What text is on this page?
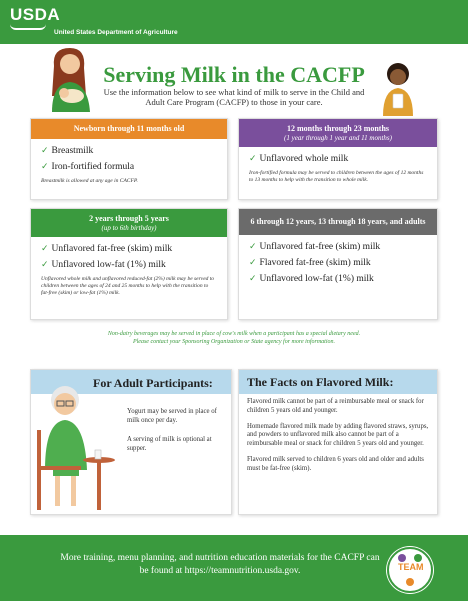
USDA
United States Department of Agriculture
Serving Milk in the CACFP
Use the information below to see what kind of milk to serve in the Child and Adult Care Program (CACFP) to those in your care.
Newborn through 11 months old
✓ Breastmilk
✓ Iron-fortified formula
Breastmilk is allowed at any age in CACFP.
12 months through 23 months
(1 year through 1 year and 11 months)
✓ Unflavored whole milk
Iron-fortified formula may be served to children between the ages of 12 months to 13 months to help with the transition to whole milk.
2 years through 5 years
(up to 6th birthday)
✓ Unflavored fat-free (skim) milk
✓ Unflavored low-fat (1%) milk
Unflavored whole milk and unflavored reduced-fat (2%) milk may be served to children between the ages of 24 and 25 months to help with the transition to fat-free (skim) or low-fat (1%) milk.
6 through 12 years, 13 through 18 years, and adults
✓ Unflavored fat-free (skim) milk
✓ Flavored fat-free (skim) milk
✓ Unflavored low-fat (1%) milk
Non-dairy beverages may be served in place of cow's milk when a participant has a special dietary need.
Please contact your Sponsoring Organization or State agency for more information.
For Adult Participants:
Yogurt may be served in place of milk once per day.
A serving of milk is optional at supper.
The Facts on Flavored Milk:
Flavored milk cannot be part of a reimbursable meal or snack for children 5 years old and younger.
Homemade flavored milk made by adding flavored straws, syrups, and powders to unflavored milk also cannot be part of a reimbursable meal or snack for children 5 years old and younger.
Flavored milk served to children 6 years old and older and adults must be fat-free (skim).
More training, menu planning, and nutrition education materials for the CACFP can be found at https://teamnutrition.usda.gov.	TEAM
